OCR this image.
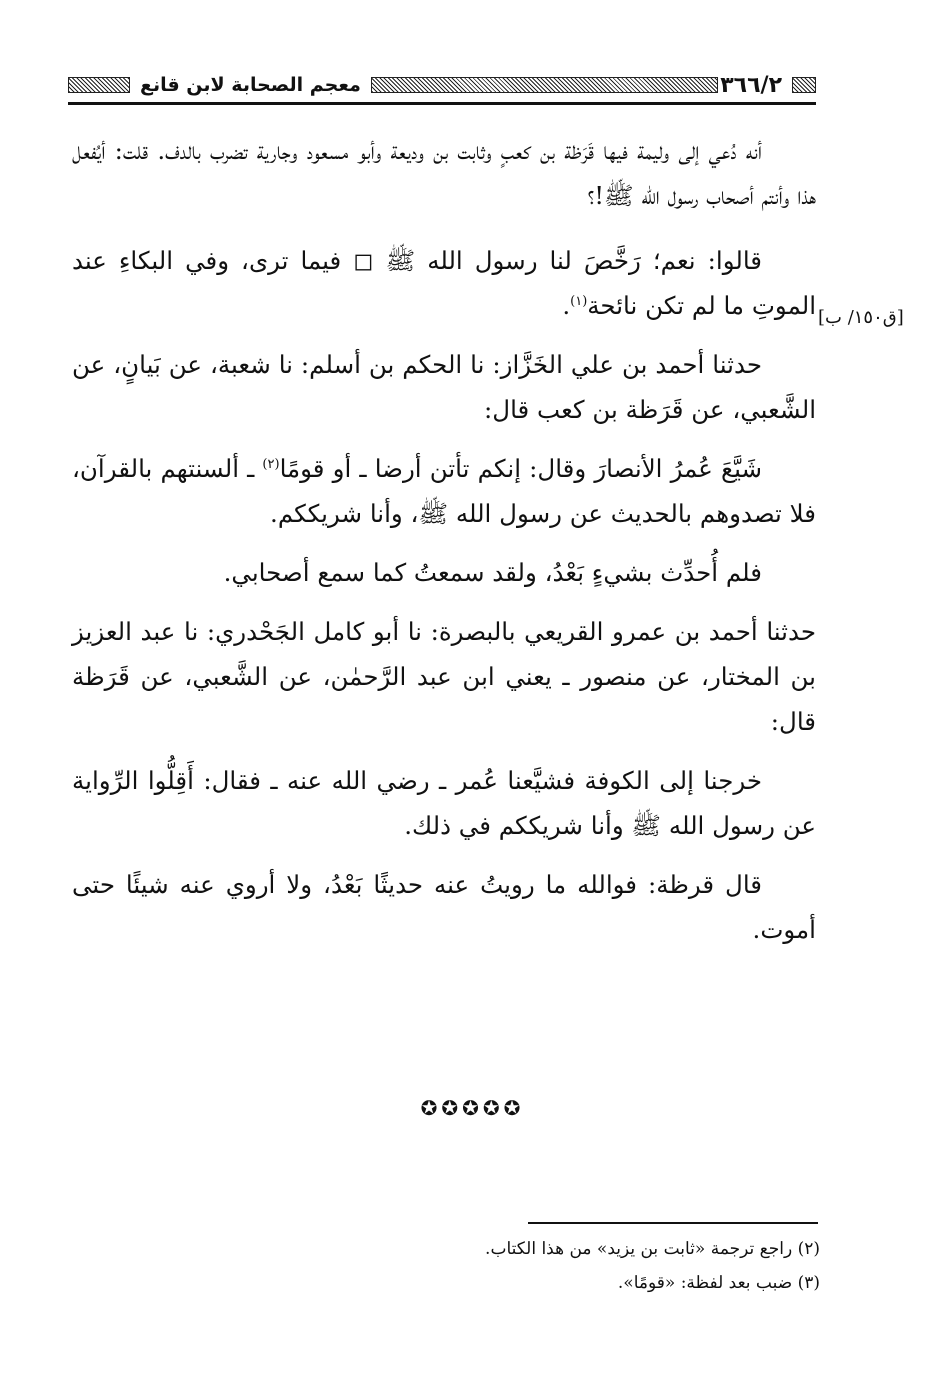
٣٦٦/٢
معجم الصحابة لابن قانع
[ق١٥٠/ ب]

أنه دُعي إلى وليمة فيها قَرَظة بن كعبٍ وثابت بن وديعة وأبو مسعود وجارية تضرب بالدف. قلت: أيُفعل هذا وأنتم أصحاب رسول الله ﷺ!؟

قالوا: نعم؛ رَخَّصَ لنا رسول الله ﷺ ◻ فيما ترى، وفي البكاءِ عند الموتِ ما لم تكن نائحة$^{(١)}$.

حدثنا أحمد بن علي الخَزَّاز: نا الحكم بن أسلم: نا شعبة، عن بَيانٍ، عن الشَّعبي، عن قَرَظة بن كعب قال:

شَيَّعَ عُمرُ الأنصارَ وقال: إنكم تأتن أرضا ـ أو قومًا$^{(٢)}$ ـ ألسنتهم بالقرآن، فلا تصدوهم بالحديث عن رسول الله ﷺ، وأنا شريككم.

فلم أُحدِّث بشيءٍ بَعْدُ، ولقد سمعتُ كما سمع أصحابي.

حدثنا أحمد بن عمرو القريعي بالبصرة: نا أبو كامل الجَحْدري: نا عبد العزيز بن المختار، عن منصور ـ يعني ابن عبد الرَّحمٰن، عن الشَّعبي، عن قَرَظة قال:

خرجنا إلى الكوفة فشيَّعنا عُمر ـ رضي الله عنه ـ فقال: أَقِلُّوا الرِّواية عن رسول الله ﷺ وأنا شريككم في ذلك.

قال قرظة: فوالله ما رويتُ عنه حديثًا بَعْدُ، ولا أروي عنه شيئًا حتى أموت.

✪✪✪✪✪

(٢) راجع ترجمة «ثابت بن يزيد» من هذا الكتاب.

(٣) ضبب بعد لفظة: «قومًا».
